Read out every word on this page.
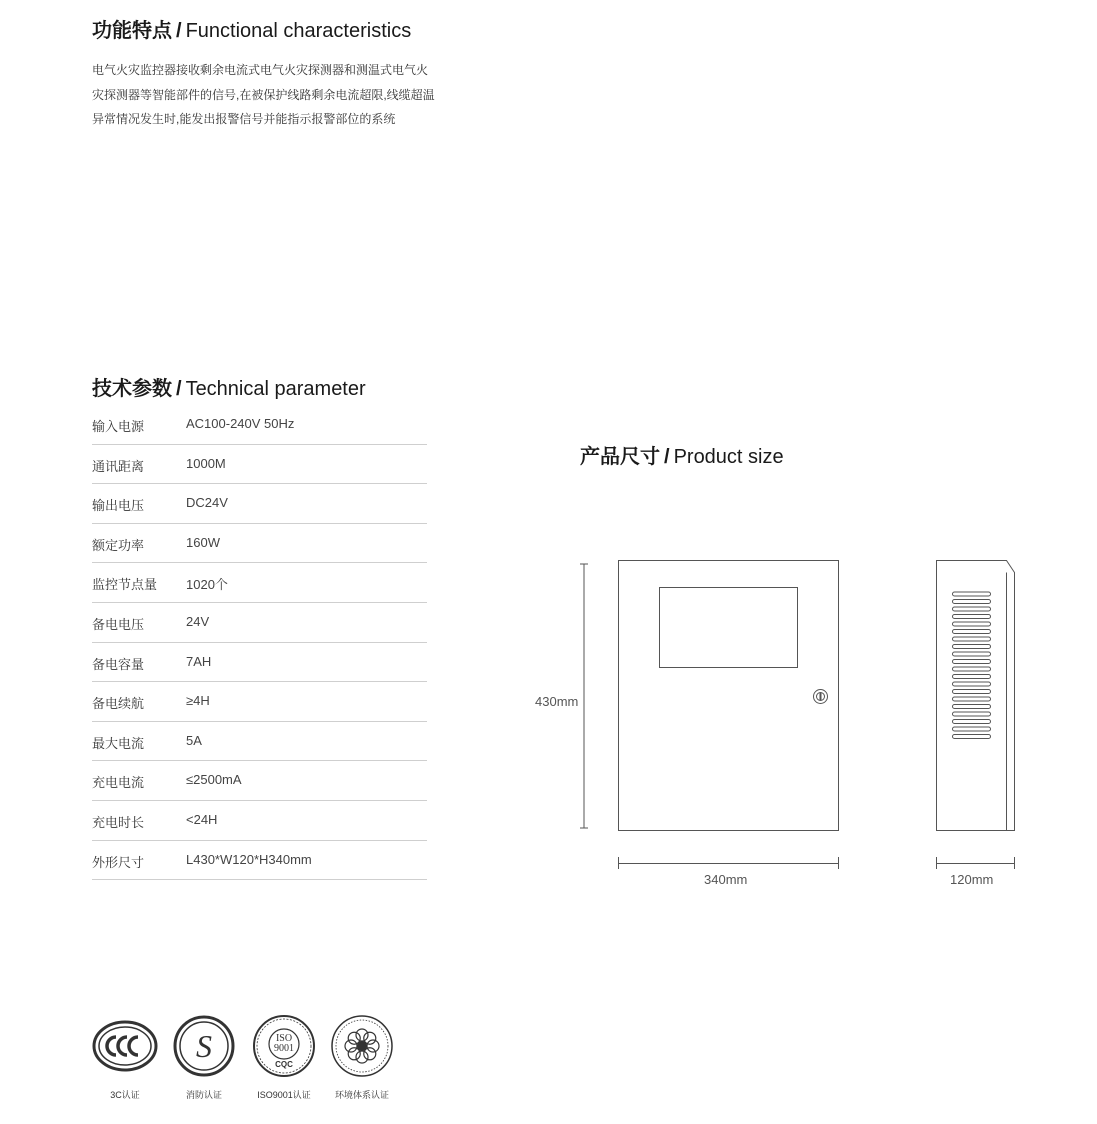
功能特点 / Functional characteristics
电气火灾监控器接收剩余电流式电气火灾探测器和测温式电气火
灾探测器等智能部件的信号,在被保护线路剩余电流超限,线缆超温
异常情况发生时,能发出报警信号并能指示报警部位的系统
技术参数 / Technical parameter
输入电源	AC100-240V 50Hz
通讯距离	1000M
输出电压	DC24V
额定功率	160W
监控节点量 1020个
备电电压	24V
备电容量	7AH
备电续航	≥4H
最大电流	5A
充电电流	≤2500mA
充电时长	<24H
外形尺寸	L430*W120*H340mm
产品尺寸 / Product size
430mm
340mm	120mm
3C认证
S
消防认证
ISO
9001
CQC
ISO9001认证	环境体系认证
